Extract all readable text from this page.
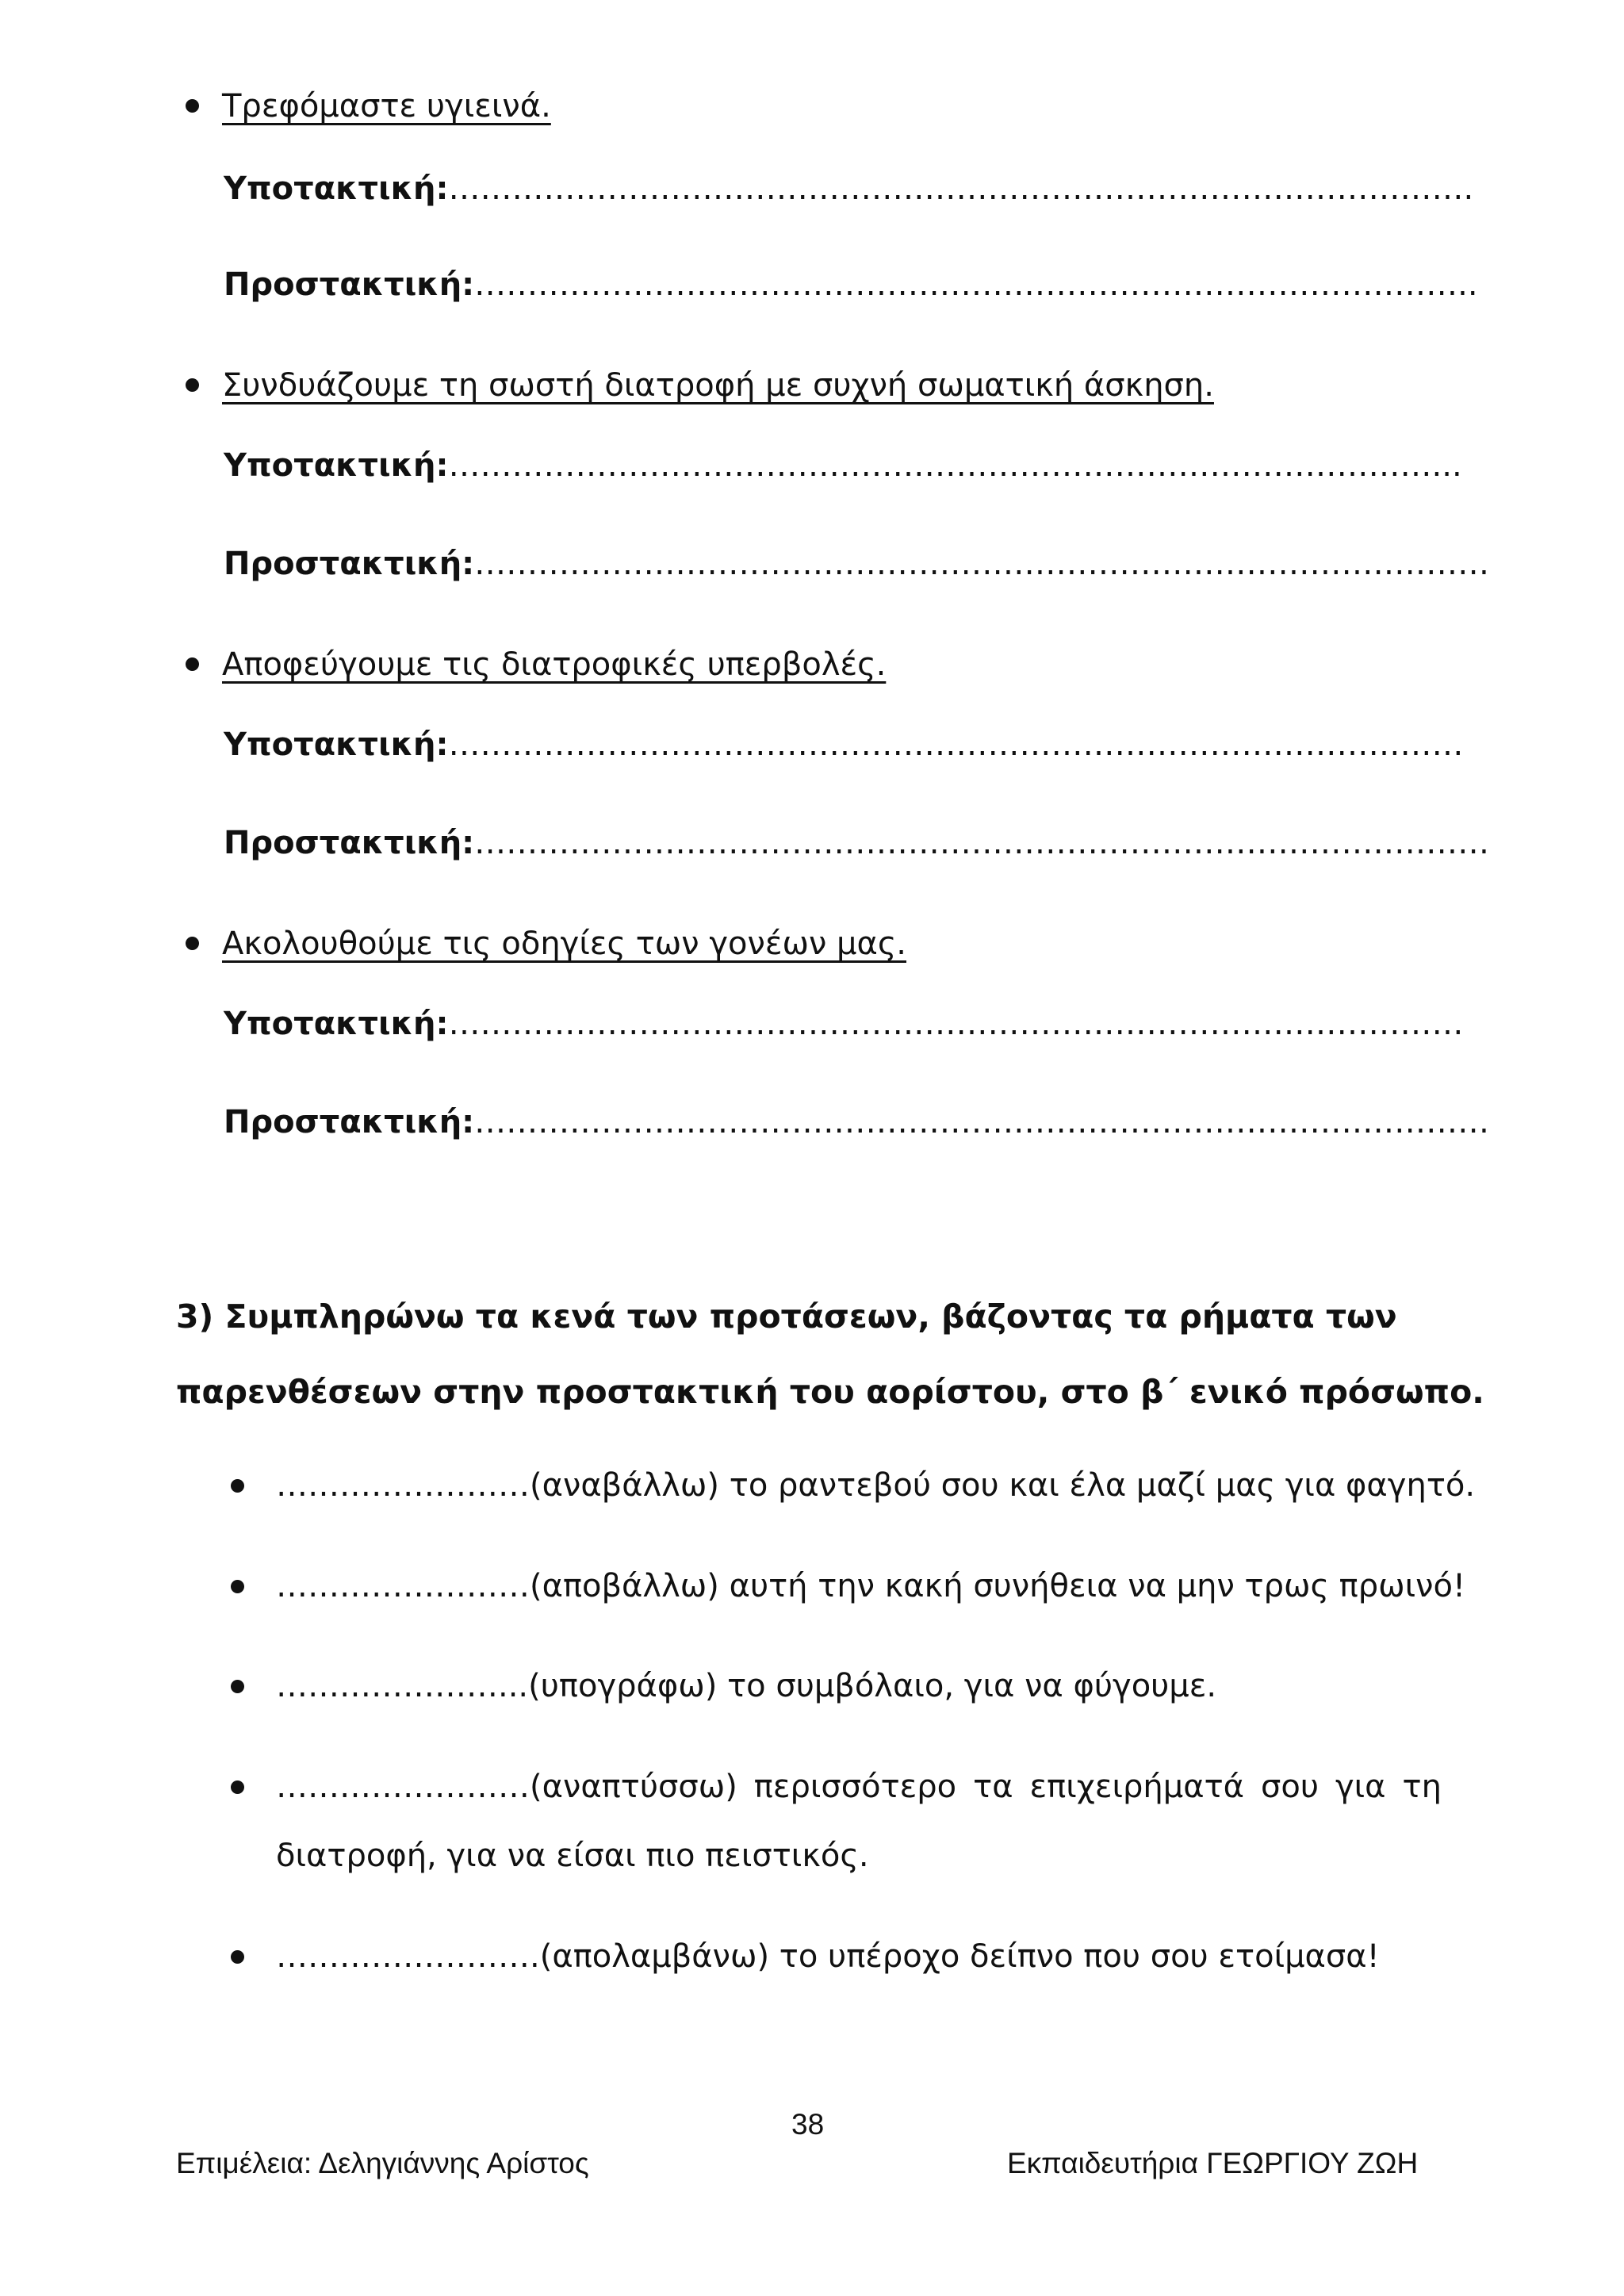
Τρεφόμαστε υγιεινά.
Υποτακτική:…………………………………………………………………………………….
Προστακτική:…………………………………………………………………………………..
Συνδυάζουμε τη σωστή διατροφή με συχνή σωματική άσκηση.
Υποτακτική:…………………………………………………………………………………...
Προστακτική:……………………………………………………………………………………
Αποφεύγουμε τις διατροφικές υπερβολές.
Υποτακτική:……………………………………………………………………………………
Προστακτική:……………………………………………………………………………………
Ακολουθούμε τις οδηγίες των γονέων μας.
Υποτακτική:……………………………………………………………………………………
Προστακτική:……………………………………………………………………………………
3) Συμπληρώνω τα κενά των προτάσεων, βάζοντας τα ρήματα των
παρενθέσεων στην προστακτική του αορίστου, στο β΄ ενικό πρόσωπο.
……………………(αναβάλλω) το ραντεβού σου και έλα μαζί μας για φαγητό.
……………………(αποβάλλω) αυτή την κακή συνήθεια να μην τρως πρωινό!
…………………...(υπογράφω) το συμβόλαιο, για να φύγουμε.
……………………(αναπτύσσω) περισσότερο τα επιχειρήματά σου για τη
διατροφή, για να είσαι πιο πειστικός.
…………………….(απολαμβάνω) το υπέροχο δείπνο που σου ετοίμασα!
38
Επιμέλεια: Δεληγιάννης Αρίστος	Εκπαιδευτήρια ΓΕΩΡΓΙΟΥ ΖΩΗ
